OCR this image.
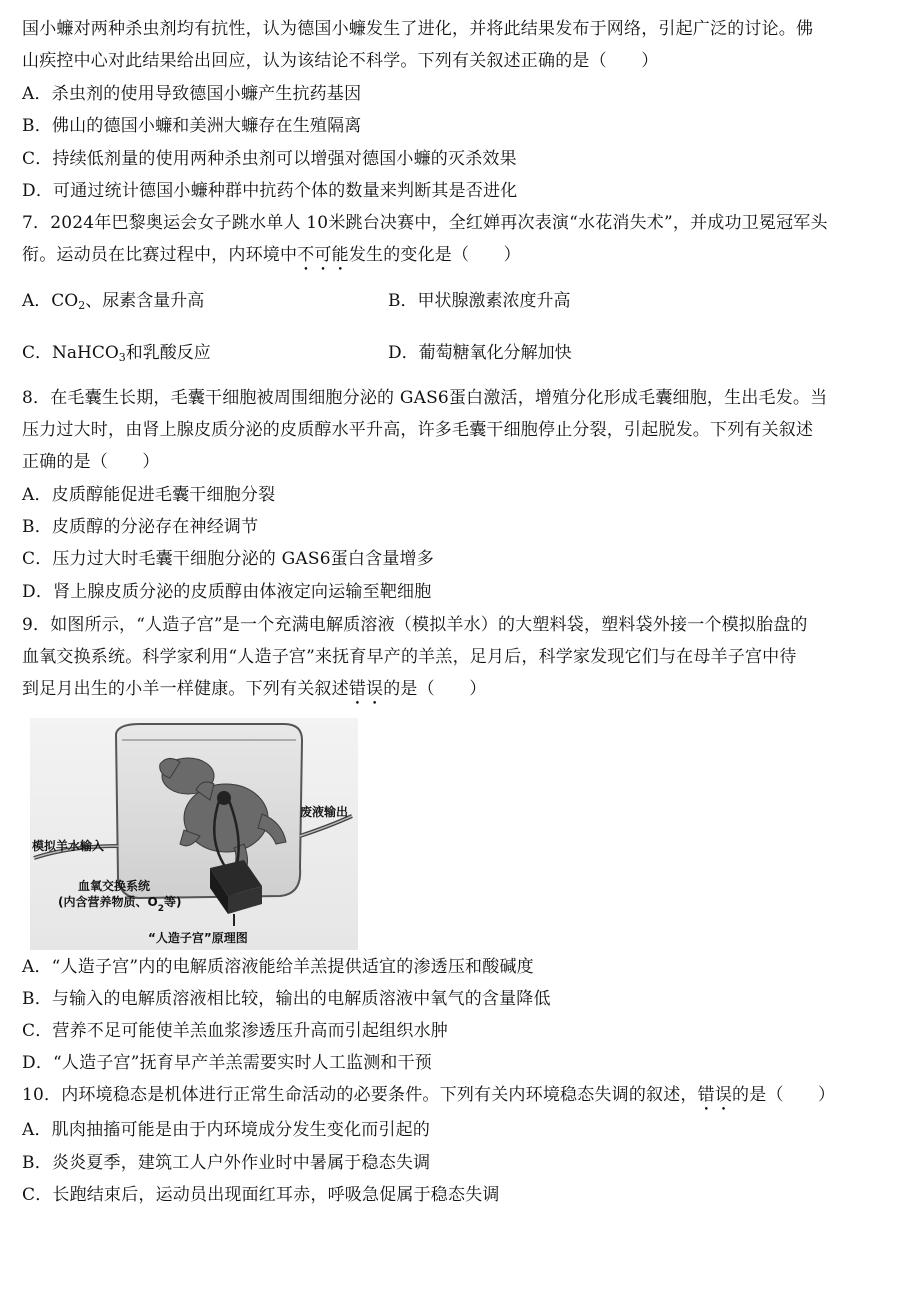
国小蠊对两种杀虫剂均有抗性，认为德国小蠊发生了进化，并将此结果发布于网络，引起广泛的讨论。佛
山疾控中心对此结果给出回应，认为该结论不科学。下列有关叙述正确的是（　　）
A．杀虫剂的使用导致德国小蠊产生抗药基因
B．佛山的德国小蠊和美洲大蠊存在生殖隔离
C．持续低剂量的使用两种杀虫剂可以增强对德国小蠊的灭杀效果
D．可通过统计德国小蠊种群中抗药个体的数量来判断其是否进化
7．2024年巴黎奥运会女子跳水单人 10米跳台决赛中，全红婵再次表演“水花消失术”，并成功卫冕冠军头
衔。运动员在比赛过程中，内环境中不可能发生的变化是（　　）
A．$CO_2$、尿素含量升高	B．甲状腺激素浓度升高
C．NaHCO$_3$和乳酸反应	D．葡萄糖氧化分解加快
8．在毛囊生长期，毛囊干细胞被周围细胞分泌的 GAS6蛋白激活，增殖分化形成毛囊细胞，生出毛发。当
压力过大时，由肾上腺皮质分泌的皮质醇水平升高，许多毛囊干细胞停止分裂，引起脱发。下列有关叙述
正确的是（　　）
A．皮质醇能促进毛囊干细胞分裂
B．皮质醇的分泌存在神经调节
C．压力过大时毛囊干细胞分泌的 GAS6蛋白含量增多
D．肾上腺皮质分泌的皮质醇由体液定向运输至靶细胞
9．如图所示，“人造子宫”是一个充满电解质溶液（模拟羊水）的大塑料袋，塑料袋外接一个模拟胎盘的
血氧交换系统。科学家利用“人造子宫”来抚育早产的羊羔，足月后，科学家发现它们与在母羊子宫中待
到足月出生的小羊一样健康。下列有关叙述错误的是（　　）
废液输出
模拟羊水输入
血氧交换系统
(内含营养物质、$O_2$等)
“人造子宫”原理图
A．“人造子宫”内的电解质溶液能给羊羔提供适宜的渗透压和酸碱度
B．与输入的电解质溶液相比较，输出的电解质溶液中氧气的含量降低
C．营养不足可能使羊羔血浆渗透压升高而引起组织水肿
D．“人造子宫”抚育早产羊羔需要实时人工监测和干预
10．内环境稳态是机体进行正常生命活动的必要条件。下列有关内环境稳态失调的叙述，错误的是（　　）
A．肌肉抽搐可能是由于内环境成分发生变化而引起的
B．炎炎夏季，建筑工人户外作业时中暑属于稳态失调
C．长跑结束后，运动员出现面红耳赤，呼吸急促属于稳态失调
